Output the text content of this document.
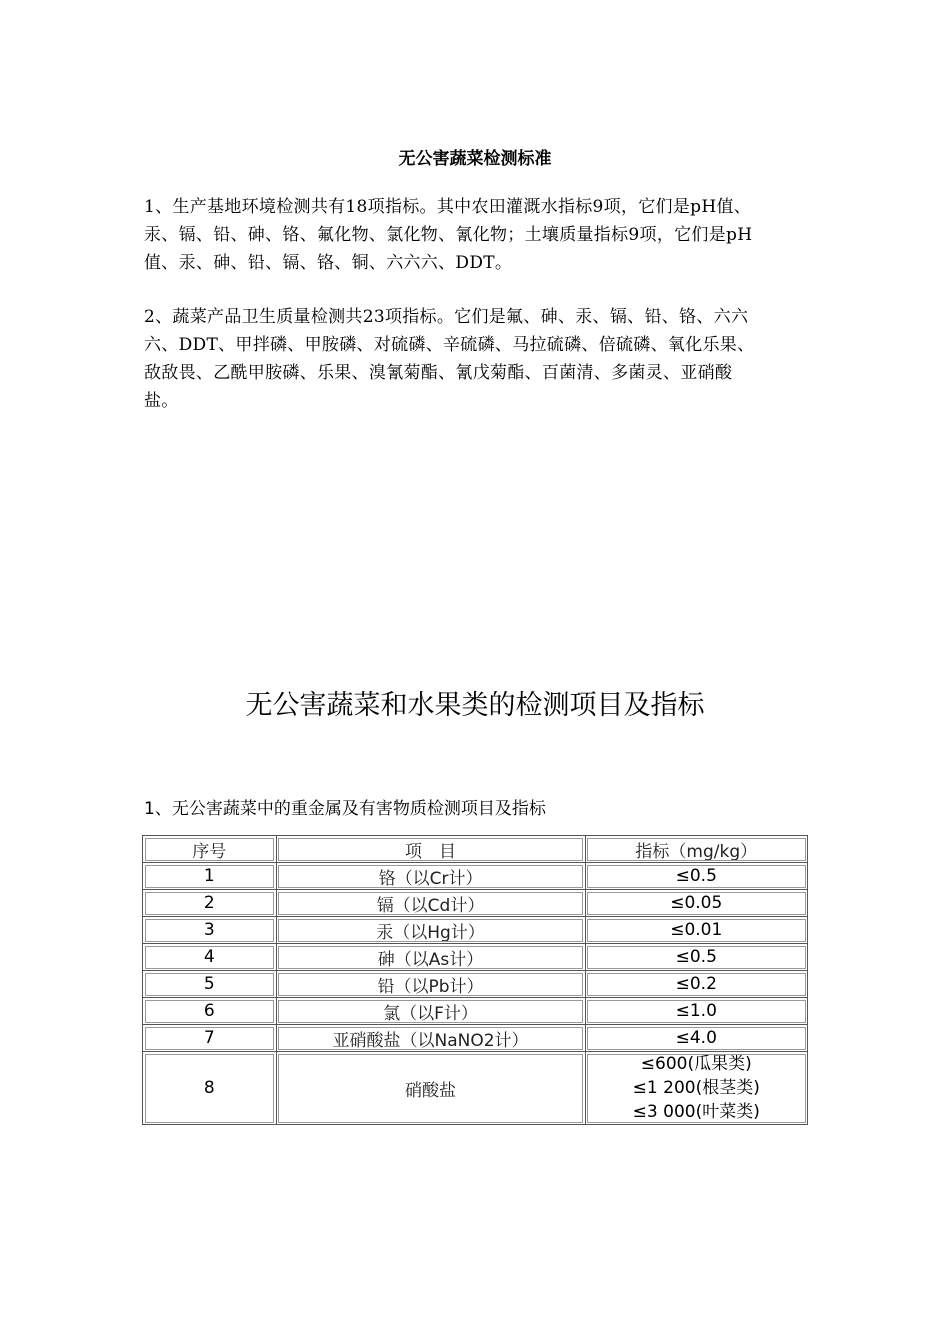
无公害蔬菜检测标准

1、生产基地环境检测共有18项指标。其中农田灌溉水指标9项，它们是pH值、汞、镉、铅、砷、铬、氟化物、氯化物、氰化物；土壤质量指标9项，它们是pH值、汞、砷、铅、镉、铬、铜、六六六、DDT。

2、蔬菜产品卫生质量检测共23项指标。它们是氟、砷、汞、镉、铅、铬、六六六、DDT、甲拌磷、甲胺磷、对硫磷、辛硫磷、马拉硫磷、倍硫磷、氧化乐果、敌敌畏、乙酰甲胺磷、乐果、溴氰菊酯、氰戊菊酯、百菌清、多菌灵、亚硝酸盐。

无公害蔬菜和水果类的检测项目及指标
1、无公害蔬菜中的重金属及有害物质检测项目及指标
序号	项　目	指标（mg/kg）
1	铬（以Cr计）	≤0.5
2	镉（以Cd计）	≤0.05
3	汞（以Hg计）	≤0.01
4	砷（以As计）	≤0.5
5	铅（以Pb计）	≤0.2
6	氯（以F计）	≤1.0
7	亚硝酸盐（以NaNO2计）	≤4.0
8	硝酸盐	≤600(瓜果类)
≤1 200(根茎类)
≤3 000(叶菜类)
